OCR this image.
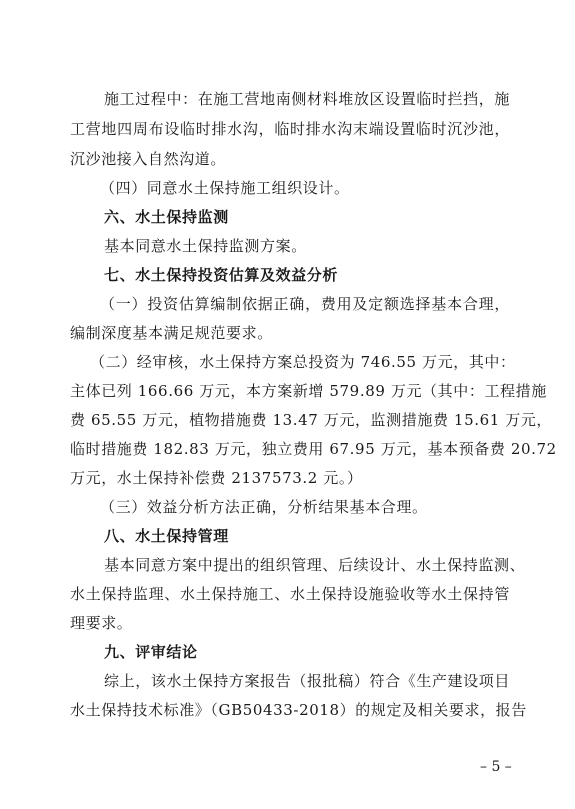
施工过程中：在施工营地南侧材料堆放区设置临时拦挡，施
工营地四周布设临时排水沟，临时排水沟末端设置临时沉沙池，
沉沙池接入自然沟道。
（四）同意水土保持施工组织设计。
六、水土保持监测
基本同意水土保持监测方案。
七、水土保持投资估算及效益分析
（一）投资估算编制依据正确，费用及定额选择基本合理，
编制深度基本满足规范要求。
（二）经审核，水土保持方案总投资为 746.55 万元，其中：
主体已列 166.66 万元，本方案新增 579.89 万元（其中：工程措施
费 65.55 万元，植物措施费 13.47 万元，监测措施费 15.61 万元，
临时措施费 182.83 万元，独立费用 67.95 万元，基本预备费 20.72
万元，水土保持补偿费 2137573.2 元。）
（三）效益分析方法正确，分析结果基本合理。
八、水土保持管理
基本同意方案中提出的组织管理、后续设计、水土保持监测、
水土保持监理、水土保持施工、水土保持设施验收等水土保持管
理要求。
九、评审结论
综上，该水土保持方案报告（报批稿）符合《生产建设项目
水土保持技术标准》（GB50433-2018）的规定及相关要求，报告
– 5 –
